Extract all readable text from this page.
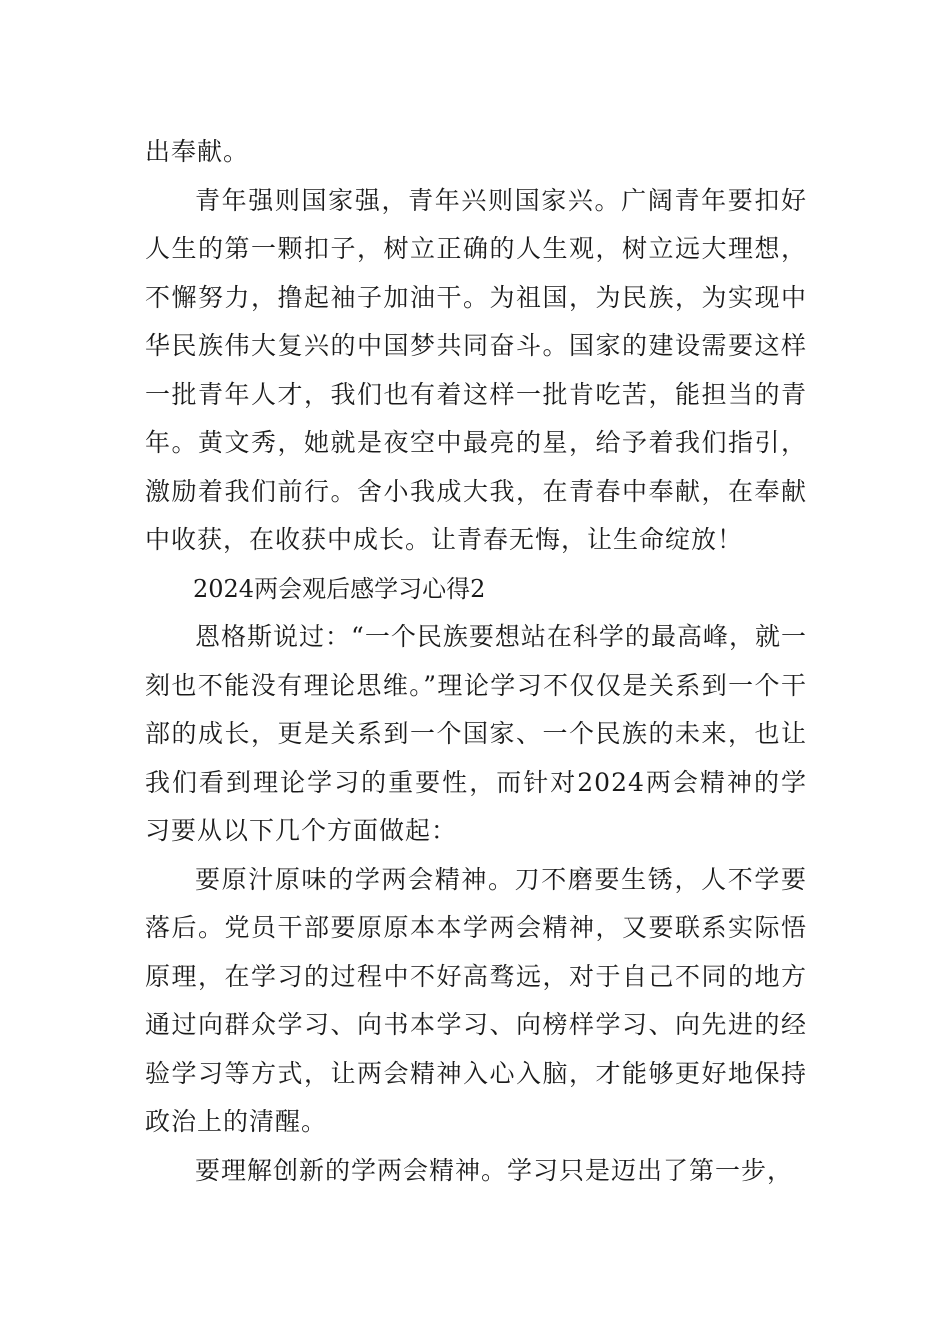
出奉献。

青年强则国家强，青年兴则国家兴。广阔青年要扣好人生的第一颗扣子，树立正确的人生观，树立远大理想，不懈努力，撸起袖子加油干。为祖国，为民族，为实现中华民族伟大复兴的中国梦共同奋斗。国家的建设需要这样一批青年人才，我们也有着这样一批肯吃苦，能担当的青年。黄文秀，她就是夜空中最亮的星，给予着我们指引，激励着我们前行。舍小我成大我，在青春中奉献，在奉献中收获，在收获中成长。让青春无悔，让生命绽放！

2024两会观后感学习心得2

恩格斯说过：“一个民族要想站在科学的最高峰，就一刻也不能没有理论思维。”理论学习不仅仅是关系到一个干部的成长，更是关系到一个国家、一个民族的未来，也让我们看到理论学习的重要性，而针对2024两会精神的学习要从以下几个方面做起：

要原汁原味的学两会精神。刀不磨要生锈，人不学要落后。党员干部要原原本本学两会精神，又要联系实际悟原理，在学习的过程中不好高骛远，对于自己不同的地方通过向群众学习、向书本学习、向榜样学习、向先进的经验学习等方式，让两会精神入心入脑，才能够更好地保持政治上的清醒。

要理解创新的学两会精神。学习只是迈出了第一步，
